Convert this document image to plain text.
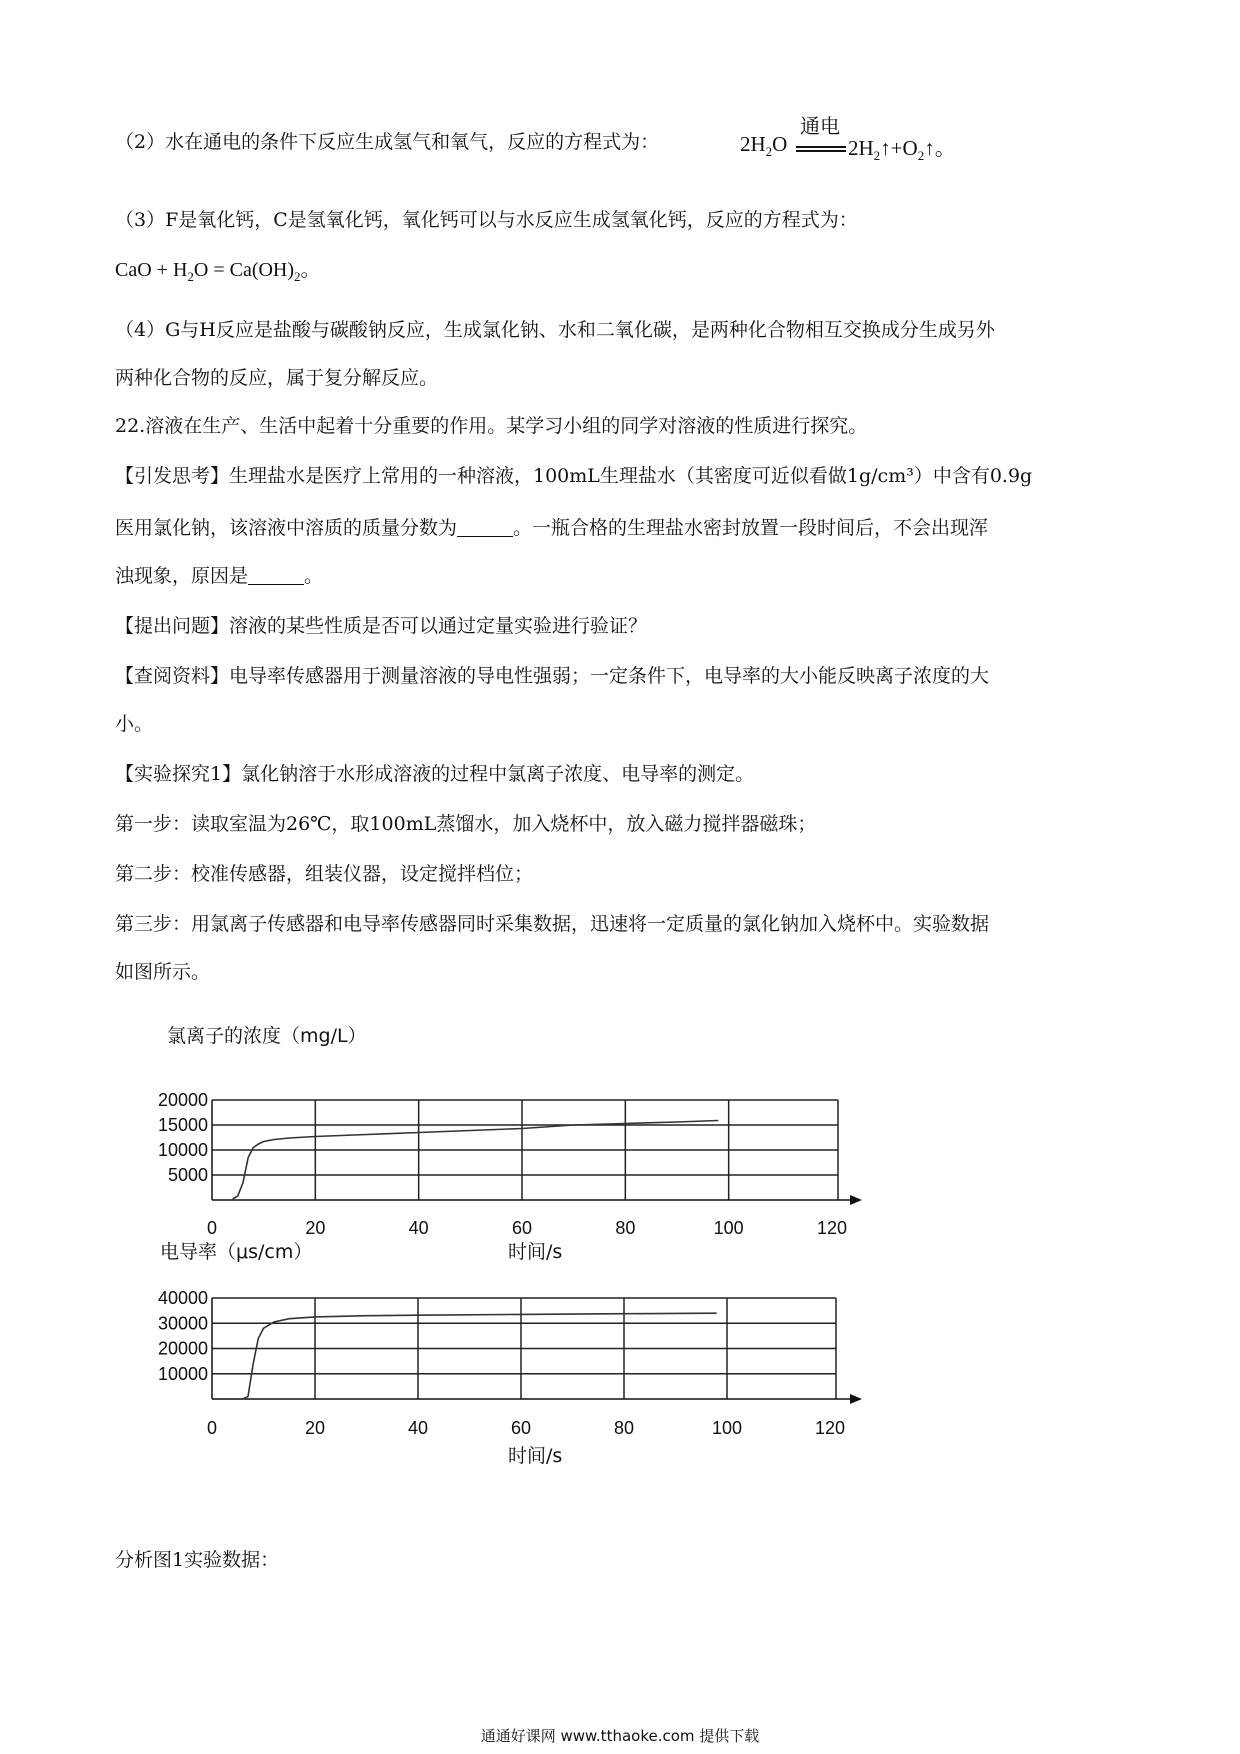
（2）水在通电的条件下反应生成氢气和氧气，反应的方程式为：	$2H_2O$
通电
$2H_2↑+O_2↑$。
（3）F是氧化钙，C是氢氧化钙，氧化钙可以与水反应生成氢氧化钙，反应的方程式为：
CaO + $H_2O = Ca(OH)_2$。
（4）G与H反应是盐酸与碳酸钠反应，生成氯化钠、水和二氧化碳，是两种化合物相互交换成分生成另外
两种化合物的反应，属于复分解反应。
22.溶液在生产、生活中起着十分重要的作用。某学习小组的同学对溶液的性质进行探究。
【引发思考】生理盐水是医疗上常用的一种溶液，100mL生理盐水（其密度可近似看做1g/cm³）中含有0.9g
医用氯化钠，该溶液中溶质的质量分数为	。一瓶合格的生理盐水密封放置一段时间后，不会出现浑
浊现象，原因是	。
【提出问题】溶液的某些性质是否可以通过定量实验进行验证？
【查阅资料】电导率传感器用于测量溶液的导电性强弱；一定条件下，电导率的大小能反映离子浓度的大
小。
【实验探究1】氯化钠溶于水形成溶液的过程中氯离子浓度、电导率的测定。
第一步：读取室温为26℃，取100mL蒸馏水，加入烧杯中，放入磁力搅拌器磁珠；
第二步：校准传感器，组装仪器，设定搅拌档位；
第三步：用氯离子传感器和电导率传感器同时采集数据，迅速将一定质量的氯化钠加入烧杯中。实验数据
如图所示。
氯离子的浓度（mg/L）
5000
10000
15000
20000
0	20	40	60	80	100	120
电导率（μs/cm）	时间/s
10000
20000
30000
40000
0	20	40	60	80	100	120
时间/s
分析图1实验数据：
通通好课网 www.tthaoke.com 提供下载
